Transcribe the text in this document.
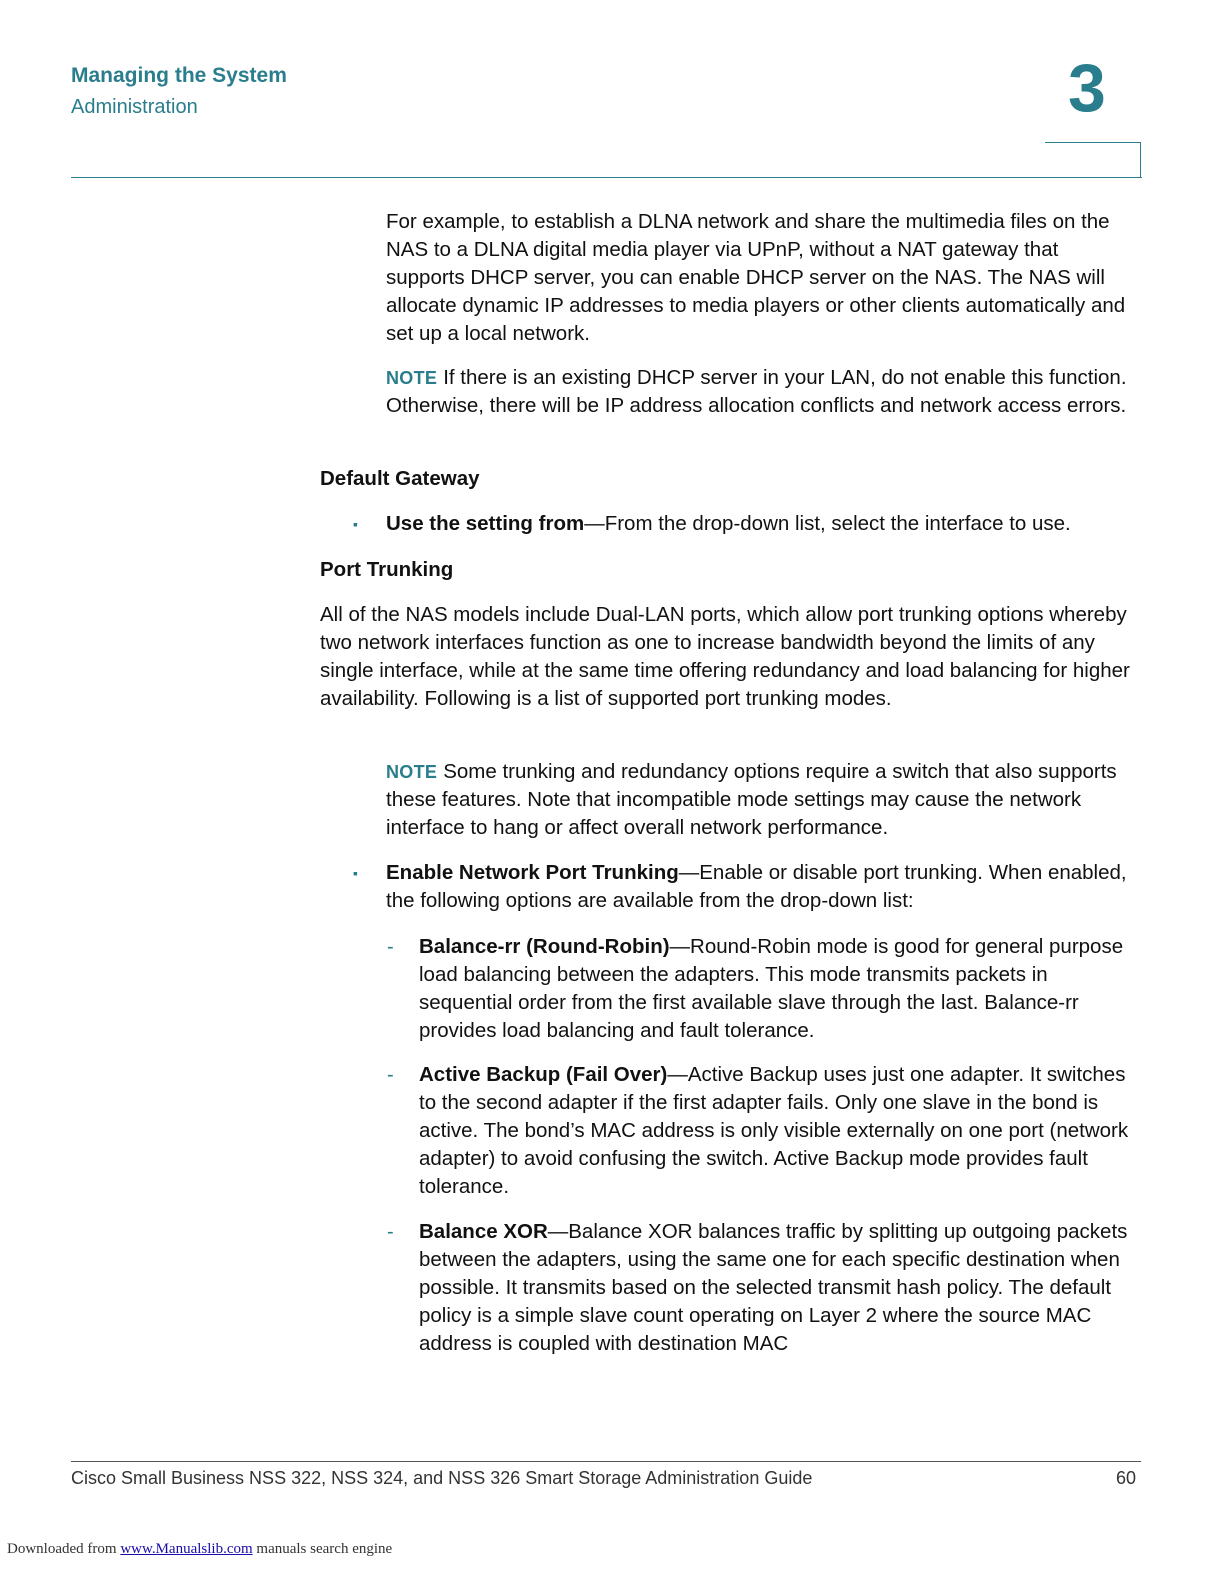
Managing the System
Administration	3

For example, to establish a DLNA network and share the multimedia files on the NAS to a DLNA digital media player via UPnP, without a NAT gateway that supports DHCP server, you can enable DHCP server on the NAS. The NAS will allocate dynamic IP addresses to media players or other clients automatically and set up a local network.

NOTE If there is an existing DHCP server in your LAN, do not enable this function. Otherwise, there will be IP address allocation conflicts and network access errors.

Default Gateway
▪ Use the setting from—From the drop-down list, select the interface to use.

Port Trunking

All of the NAS models include Dual-LAN ports, which allow port trunking options whereby two network interfaces function as one to increase bandwidth beyond the limits of any single interface, while at the same time offering redundancy and load balancing for higher availability. Following is a list of supported port trunking modes.

NOTE Some trunking and redundancy options require a switch that also supports these features. Note that incompatible mode settings may cause the network interface to hang or affect overall network performance.

▪ Enable Network Port Trunking—Enable or disable port trunking. When enabled, the following options are available from the drop-down list:

- Balance-rr (Round-Robin)—Round-Robin mode is good for general purpose load balancing between the adapters. This mode transmits packets in sequential order from the first available slave through the last. Balance-rr provides load balancing and fault tolerance.

- Active Backup (Fail Over)—Active Backup uses just one adapter. It switches to the second adapter if the first adapter fails. Only one slave in the bond is active. The bond’s MAC address is only visible externally on one port (network adapter) to avoid confusing the switch. Active Backup mode provides fault tolerance.

- Balance XOR—Balance XOR balances traffic by splitting up outgoing packets between the adapters, using the same one for each specific destination when possible. It transmits based on the selected transmit hash policy. The default policy is a simple slave count operating on Layer 2 where the source MAC address is coupled with destination MAC

Cisco Small Business NSS 322, NSS 324, and NSS 326 Smart Storage Administration Guide	60
Downloaded from www.Manualslib.com manuals search engine
